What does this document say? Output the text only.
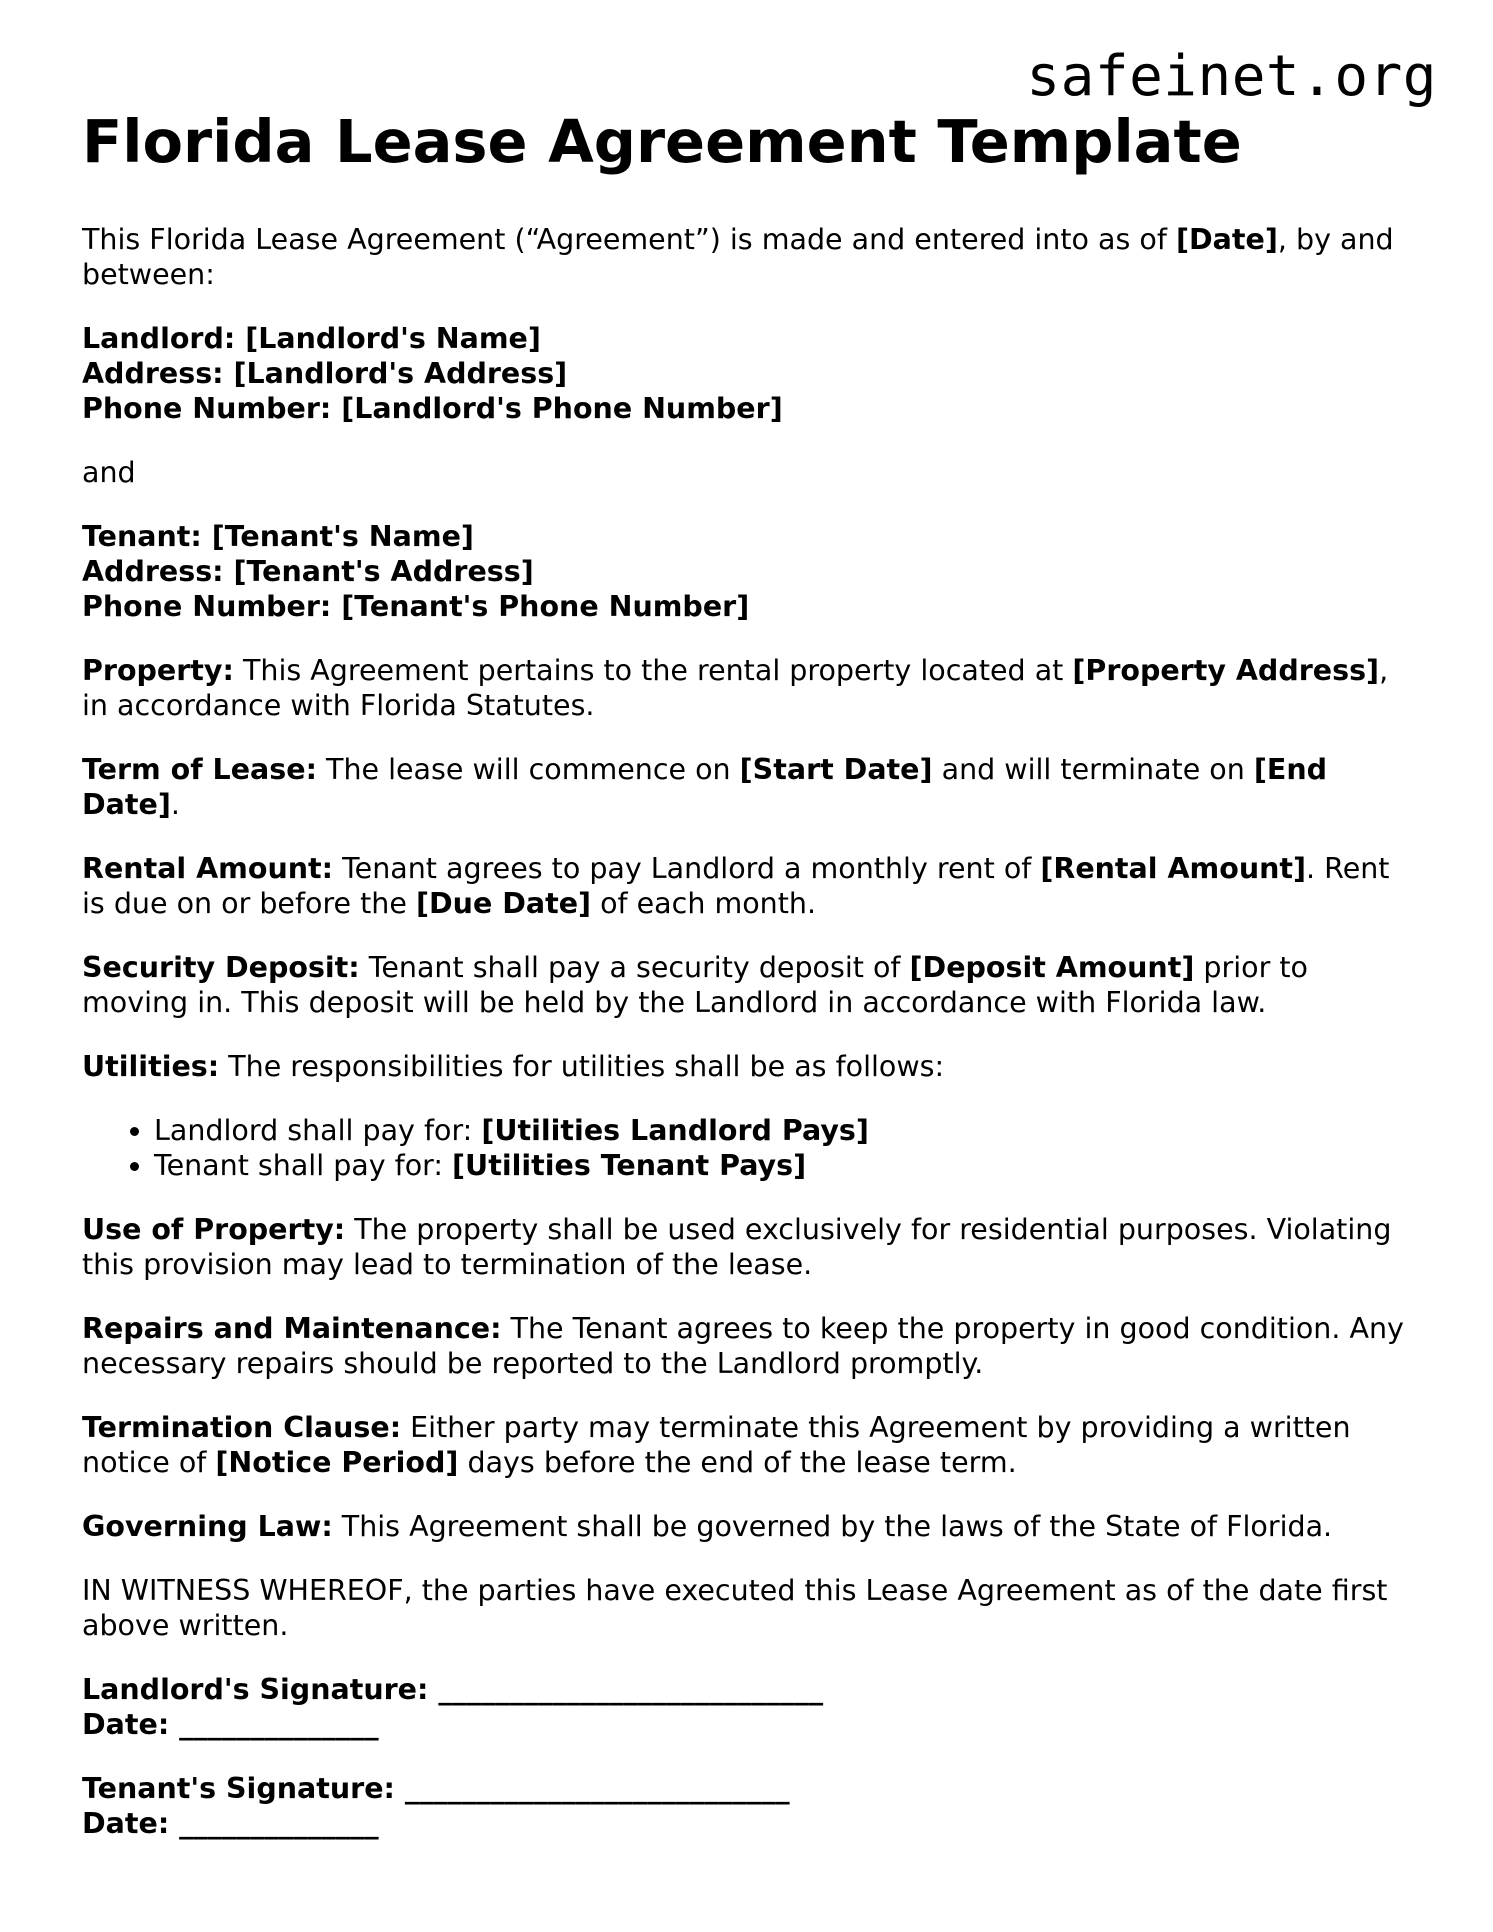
safeinet.org
Florida Lease Agreement Template

This Florida Lease Agreement (“Agreement”) is made and entered into as of [Date], by and between:

Landlord: [Landlord's Name]
Address: [Landlord's Address]
Phone Number: [Landlord's Phone Number]

and

Tenant: [Tenant's Name]
Address: [Tenant's Address]
Phone Number: [Tenant's Phone Number]

Property: This Agreement pertains to the rental property located at [Property Address], in accordance with Florida Statutes.

Term of Lease: The lease will commence on [Start Date] and will terminate on [End Date].

Rental Amount: Tenant agrees to pay Landlord a monthly rent of [Rental Amount]. Rent is due on or before the [Due Date] of each month.

Security Deposit: Tenant shall pay a security deposit of [Deposit Amount] prior to moving in. This deposit will be held by the Landlord in accordance with Florida law.

Utilities: The responsibilities for utilities shall be as follows:

• Landlord shall pay for: [Utilities Landlord Pays]
• Tenant shall pay for: [Utilities Tenant Pays]

Use of Property: The property shall be used exclusively for residential purposes. Violating this provision may lead to termination of the lease.

Repairs and Maintenance: The Tenant agrees to keep the property in good condition. Any necessary repairs should be reported to the Landlord promptly.

Termination Clause: Either party may terminate this Agreement by providing a written notice of [Notice Period] days before the end of the lease term.

Governing Law: This Agreement shall be governed by the laws of the State of Florida.

IN WITNESS WHEREOF, the parties have executed this Lease Agreement as of the date first above written.

Landlord's Signature: ___________________________
Date: ______________
Tenant's Signature: ___________________________
Date: ______________
